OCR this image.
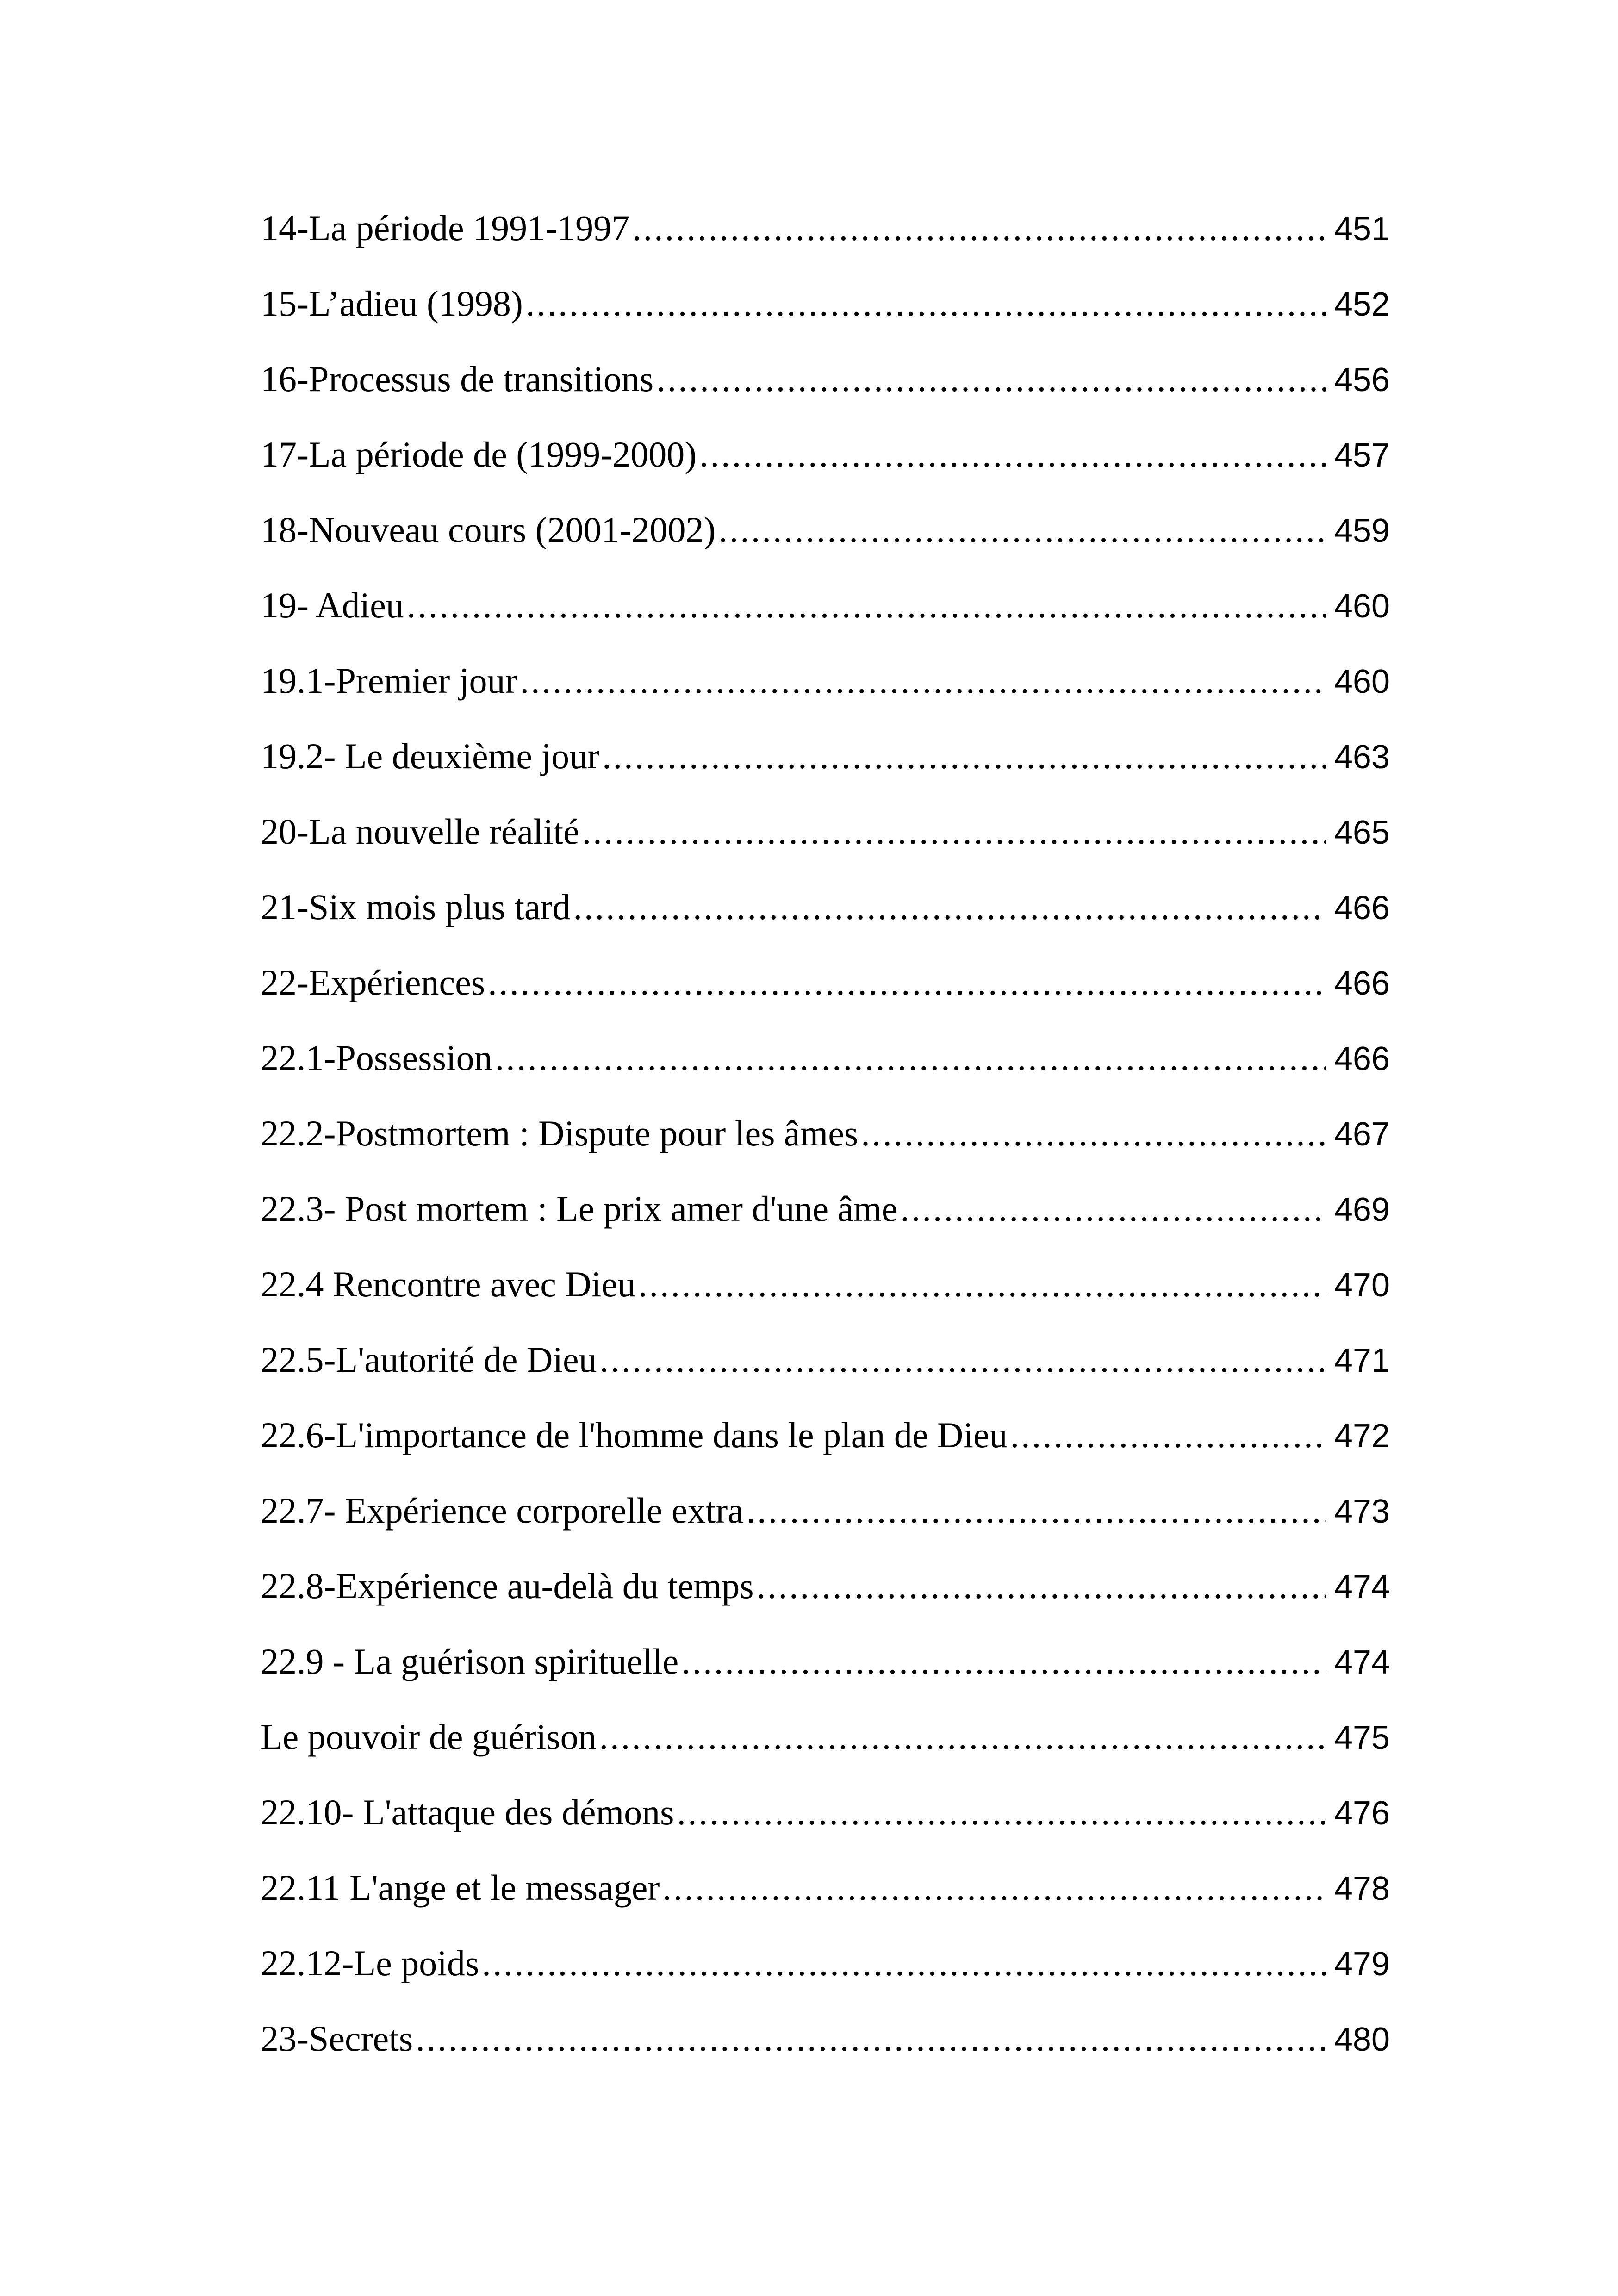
14-La période 1991-1997 .....	451
15-L’adieu (1998) .....	452
16-Processus de transitions .....	456
17-La période de (1999-2000) .....	457
18-Nouveau cours (2001-2002) .....	459
19- Adieu .....	460
19.1-Premier jour .....	460
19.2- Le deuxième jour .....	463
20-La nouvelle réalité .....	465
21-Six mois plus tard .....	466
22-Expériences .....	466
22.1-Possession .....	466
22.2-Postmortem : Dispute pour les âmes .....	467
22.3- Post mortem : Le prix amer d'une âme .....	469
22.4 Rencontre avec Dieu .....	470
22.5-L'autorité de Dieu .....	471
22.6-L'importance de l'homme dans le plan de Dieu .....	472
22.7- Expérience corporelle extra .....	473
22.8-Expérience au-delà du temps .....	474
22.9 - La guérison spirituelle .....	474
Le pouvoir de guérison .....	475
22.10- L'attaque des démons .....	476
22.11 L'ange et le messager .....	478
22.12-Le poids .....	479
23-Secrets .....	480
